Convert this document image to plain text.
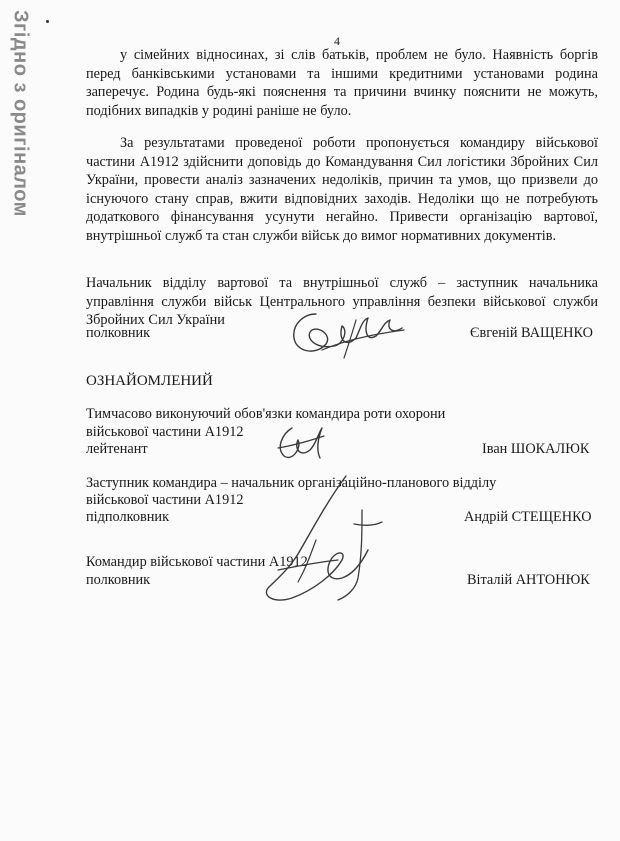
Згідно з оригіналом	4

у сімейних відносинах, зі слів батьків, проблем не було. Наявність боргів перед банківськими установами та іншими кредитними установами родина заперечує. Родина будь-які пояснення та причини вчинку пояснити не можуть, подібних випадків у родині раніше не було.

За результатами проведеної роботи пропонується командиру військової частини А1912 здійснити доповідь до Командування Сил логістики Збройних Сил України, провести аналіз зазначених недоліків, причин та умов, що призвели до існуючого стану справ, вжити відповідних заходів. Недоліки що не потребують додаткового фінансування усунути негайно. Привести організацію вартової, внутрішньої служб та стан служби військ до вимог нормативних документів.

Начальник відділу вартової та внутрішньої служб – заступник начальника управління служби військ Центрального управління безпеки військової служби Збройних Сил України

полковник	Євгеній ВАЩЕНКО

ОЗНАЙОМЛЕНИЙ

Тимчасово виконуючий обов'язки командира роти охорони

військової частини А1912

лейтенант	Іван ШОКАЛЮК

Заступник командира – начальник організаційно-планового відділу

військової частини А1912

підполковник	Андрій СТЕЩЕНКО

Командир військової частини А1912

полковник	Віталій АНТОНЮК
